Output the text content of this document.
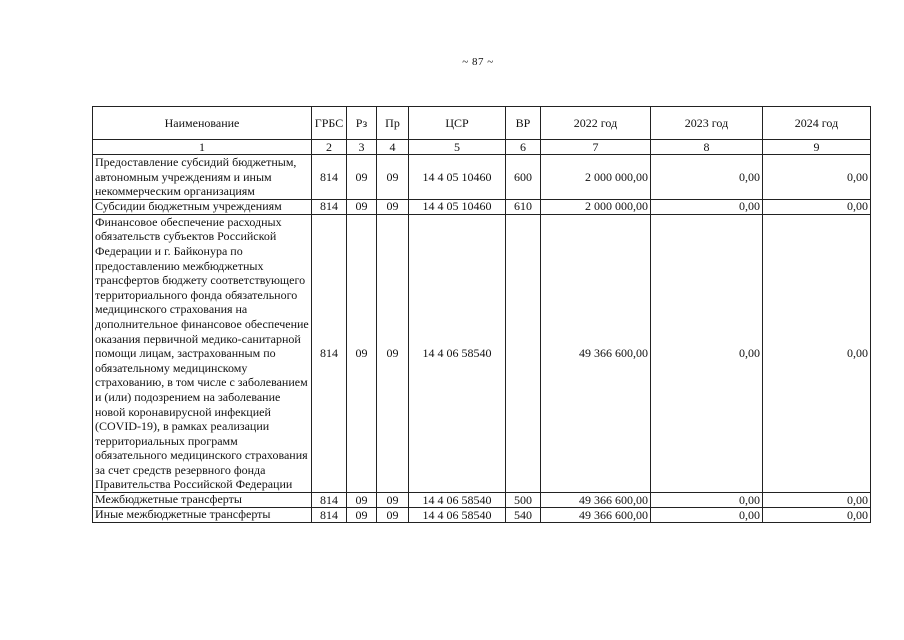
~ 87 ~
Наименование	ГРБС	Рз	Пр	ЦСР	ВР	2022 год	2023 год	2024 год
1	2	3	4	5	6	7	8	9
Предоставление субсидий бюджетным, автономным учреждениям и иным некоммерческим организациям	814	09	09	14 4 05 10460	600	2 000 000,00	0,00	0,00
Субсидии бюджетным учреждениям	814	09	09	14 4 05 10460	610	2 000 000,00	0,00	0,00
Финансовое обеспечение расходных обязательств субъектов Российской Федерации и г. Байконура по предоставлению межбюджетных трансфертов бюджету соответствующего территориального фонда обязательного медицинского страхования на дополнительное финансовое обеспечение оказания первичной медико-санитарной помощи лицам, застрахованным по обязательному медицинскому страхованию, в том числе с заболеванием и (или) подозрением на заболевание новой коронавирусной инфекцией (COVID-19), в рамках реализации территориальных программ обязательного медицинского страхования за счет средств резервного фонда Правительства Российской Федерации	814	09	09	14 4 06 58540		49 366 600,00	0,00	0,00
Межбюджетные трансферты	814	09	09	14 4 06 58540	500	49 366 600,00	0,00	0,00
Иные межбюджетные трансферты	814	09	09	14 4 06 58540	540	49 366 600,00	0,00	0,00
